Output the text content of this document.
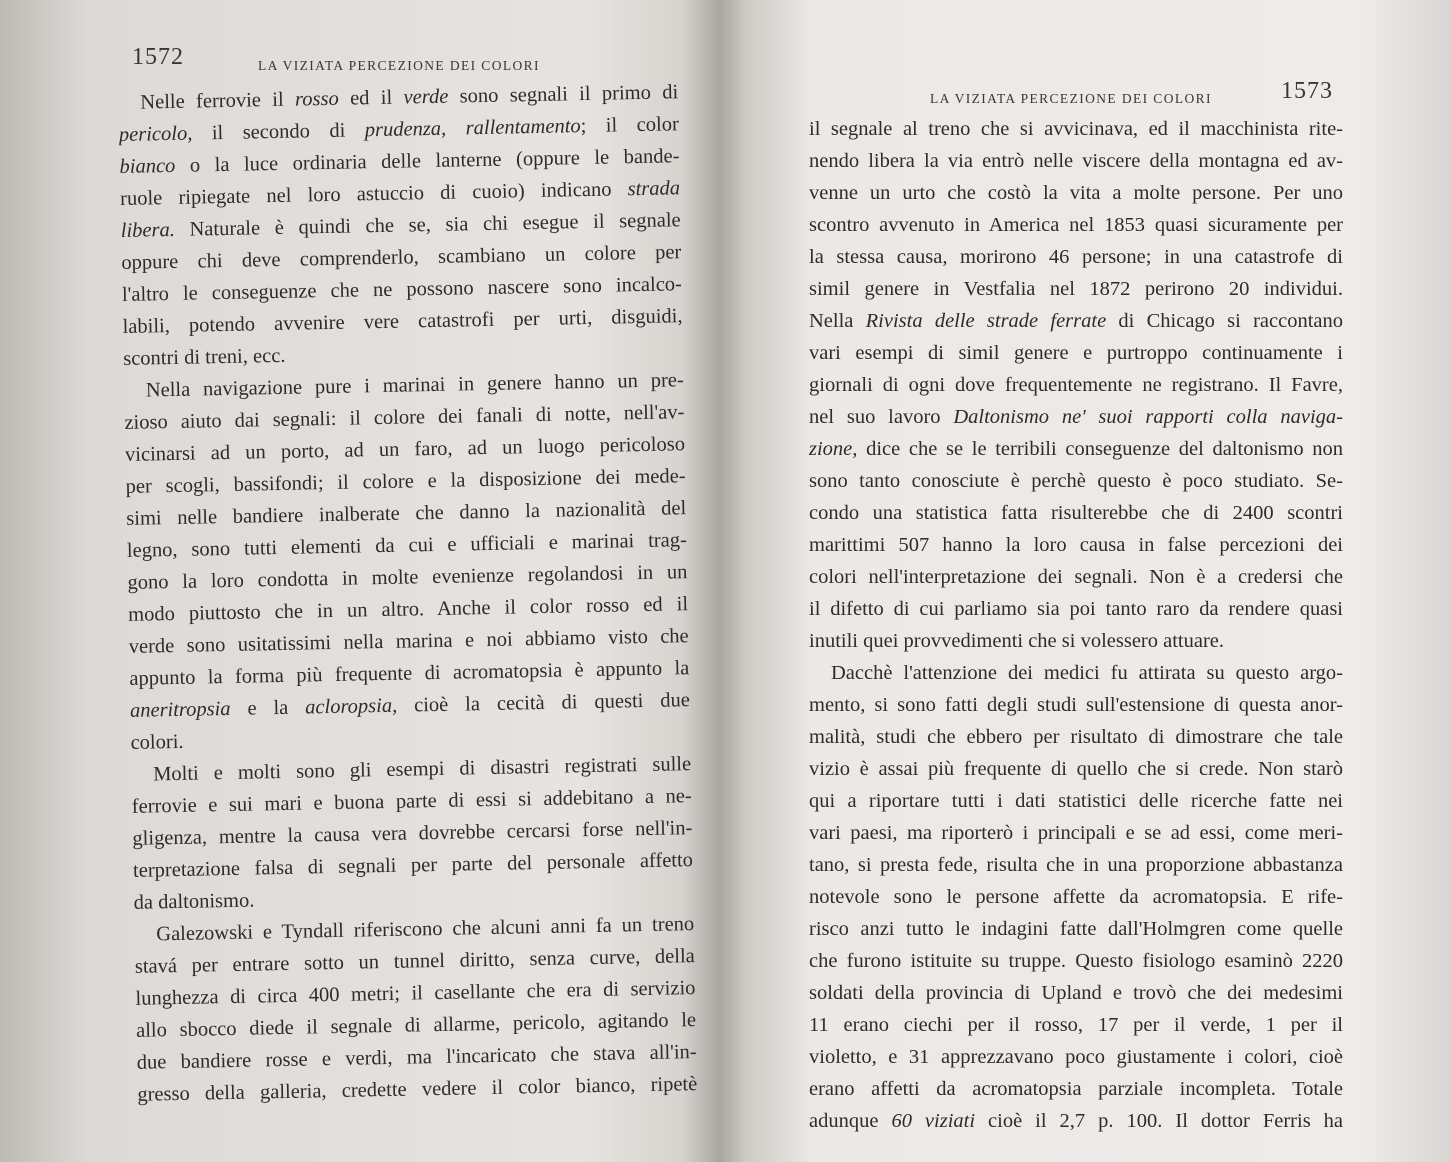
1572	LA VIZIATA PERCEZIONE DEI COLORI
Nelle ferrovie il rosso ed il verde sono segnali il primo di
pericolo, il secondo di prudenza, rallentamento; il color
bianco o la luce ordinaria delle lanterne (oppure le bande-
ruole ripiegate nel loro astuccio di cuoio) indicano strada
libera. Naturale è quindi che se, sia chi esegue il segnale
oppure chi deve comprenderlo, scambiano un colore per
l'altro le conseguenze che ne possono nascere sono incalco-
labili, potendo avvenire vere catastrofi per urti, disguidi,
scontri di treni, ecc.
Nella navigazione pure i marinai in genere hanno un pre-
zioso aiuto dai segnali: il colore dei fanali di notte, nell'av-
vicinarsi ad un porto, ad un faro, ad un luogo pericoloso
per scogli, bassifondi; il colore e la disposizione dei mede-
simi nelle bandiere inalberate che danno la nazionalità del
legno, sono tutti elementi da cui e ufficiali e marinai trag-
gono la loro condotta in molte evenienze regolandosi in un
modo piuttosto che in un altro. Anche il color rosso ed il
verde sono usitatissimi nella marina e noi abbiamo visto che
appunto la forma più frequente di acromatopsia è appunto la
aneritropsia e la acloropsia, cioè la cecità di questi due
colori.
Molti e molti sono gli esempi di disastri registrati sulle
ferrovie e sui mari e buona parte di essi si addebitano a ne-
gligenza, mentre la causa vera dovrebbe cercarsi forse nell'in-
terpretazione falsa di segnali per parte del personale affetto
da daltonismo.
Galezowski e Tyndall riferiscono che alcuni anni fa un treno
stavá per entrare sotto un tunnel diritto, senza curve, della
lunghezza di circa 400 metri; il casellante che era di servizio
allo sbocco diede il segnale di allarme, pericolo, agitando le
due bandiere rosse e verdi, ma l'incaricato che stava all'in-
gresso della galleria, credette vedere il color bianco, ripetè
LA VIZIATA PERCEZIONE DEI COLORI	1573
il segnale al treno che si avvicinava, ed il macchinista rite-
nendo libera la via entrò nelle viscere della montagna ed av-
venne un urto che costò la vita a molte persone. Per uno
scontro avvenuto in America nel 1853 quasi sicuramente per
la stessa causa, morirono 46 persone; in una catastrofe di
simil genere in Vestfalia nel 1872 perirono 20 individui.
Nella Rivista delle strade ferrate di Chicago si raccontano
vari esempi di simil genere e purtroppo continuamente i
giornali di ogni dove frequentemente ne registrano. Il Favre,
nel suo lavoro Daltonismo ne' suoi rapporti colla naviga-
zione, dice che se le terribili conseguenze del daltonismo non
sono tanto conosciute è perchè questo è poco studiato. Se-
condo una statistica fatta risulterebbe che di 2400 scontri
marittimi 507 hanno la loro causa in false percezioni dei
colori nell'interpretazione dei segnali. Non è a credersi che
il difetto di cui parliamo sia poi tanto raro da rendere quasi
inutili quei provvedimenti che si volessero attuare.
Dacchè l'attenzione dei medici fu attirata su questo argo-
mento, si sono fatti degli studi sull'estensione di questa anor-
malità, studi che ebbero per risultato di dimostrare che tale
vizio è assai più frequente di quello che si crede. Non starò
qui a riportare tutti i dati statistici delle ricerche fatte nei
vari paesi, ma riporterò i principali e se ad essi, come meri-
tano, si presta fede, risulta che in una proporzione abbastanza
notevole sono le persone affette da acromatopsia. E rife-
risco anzi tutto le indagini fatte dall'Holmgren come quelle
che furono istituite su truppe. Questo fisiologo esaminò 2220
soldati della provincia di Upland e trovò che dei medesimi
11 erano ciechi per il rosso, 17 per il verde, 1 per il
violetto, e 31 apprezzavano poco giustamente i colori, cioè
erano affetti da acromatopsia parziale incompleta. Totale
adunque 60 viziati cioè il 2,7 p. 100. Il dottor Ferris ha
